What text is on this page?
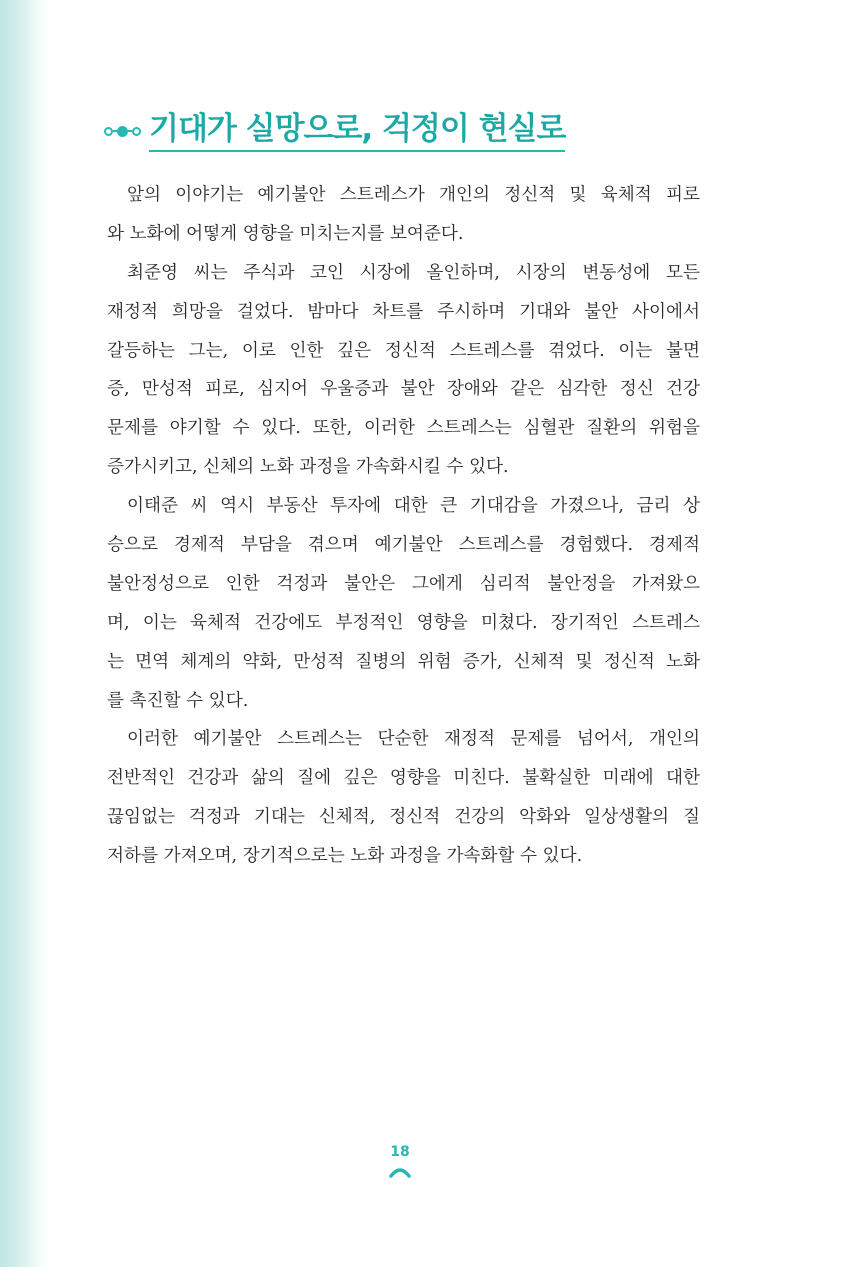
기대가 실망으로, 걱정이 현실로
앞의 이야기는 예기불안 스트레스가 개인의 정신적 및 육체적 피로
와 노화에 어떻게 영향을 미치는지를 보여준다.
최준영 씨는 주식과 코인 시장에 올인하며, 시장의 변동성에 모든
재정적 희망을 걸었다. 밤마다 차트를 주시하며 기대와 불안 사이에서
갈등하는 그는, 이로 인한 깊은 정신적 스트레스를 겪었다. 이는 불면
증, 만성적 피로, 심지어 우울증과 불안 장애와 같은 심각한 정신 건강
문제를 야기할 수 있다. 또한, 이러한 스트레스는 심혈관 질환의 위험을
증가시키고, 신체의 노화 과정을 가속화시킬 수 있다.
이태준 씨 역시 부동산 투자에 대한 큰 기대감을 가졌으나, 금리 상
승으로 경제적 부담을 겪으며 예기불안 스트레스를 경험했다. 경제적
불안정성으로 인한 걱정과 불안은 그에게 심리적 불안정을 가져왔으
며, 이는 육체적 건강에도 부정적인 영향을 미쳤다. 장기적인 스트레스
는 면역 체계의 약화, 만성적 질병의 위험 증가, 신체적 및 정신적 노화
를 촉진할 수 있다.
이러한 예기불안 스트레스는 단순한 재정적 문제를 넘어서, 개인의
전반적인 건강과 삶의 질에 깊은 영향을 미친다. 불확실한 미래에 대한
끊임없는 걱정과 기대는 신체적, 정신적 건강의 악화와 일상생활의 질
저하를 가져오며, 장기적으로는 노화 과정을 가속화할 수 있다.
18
